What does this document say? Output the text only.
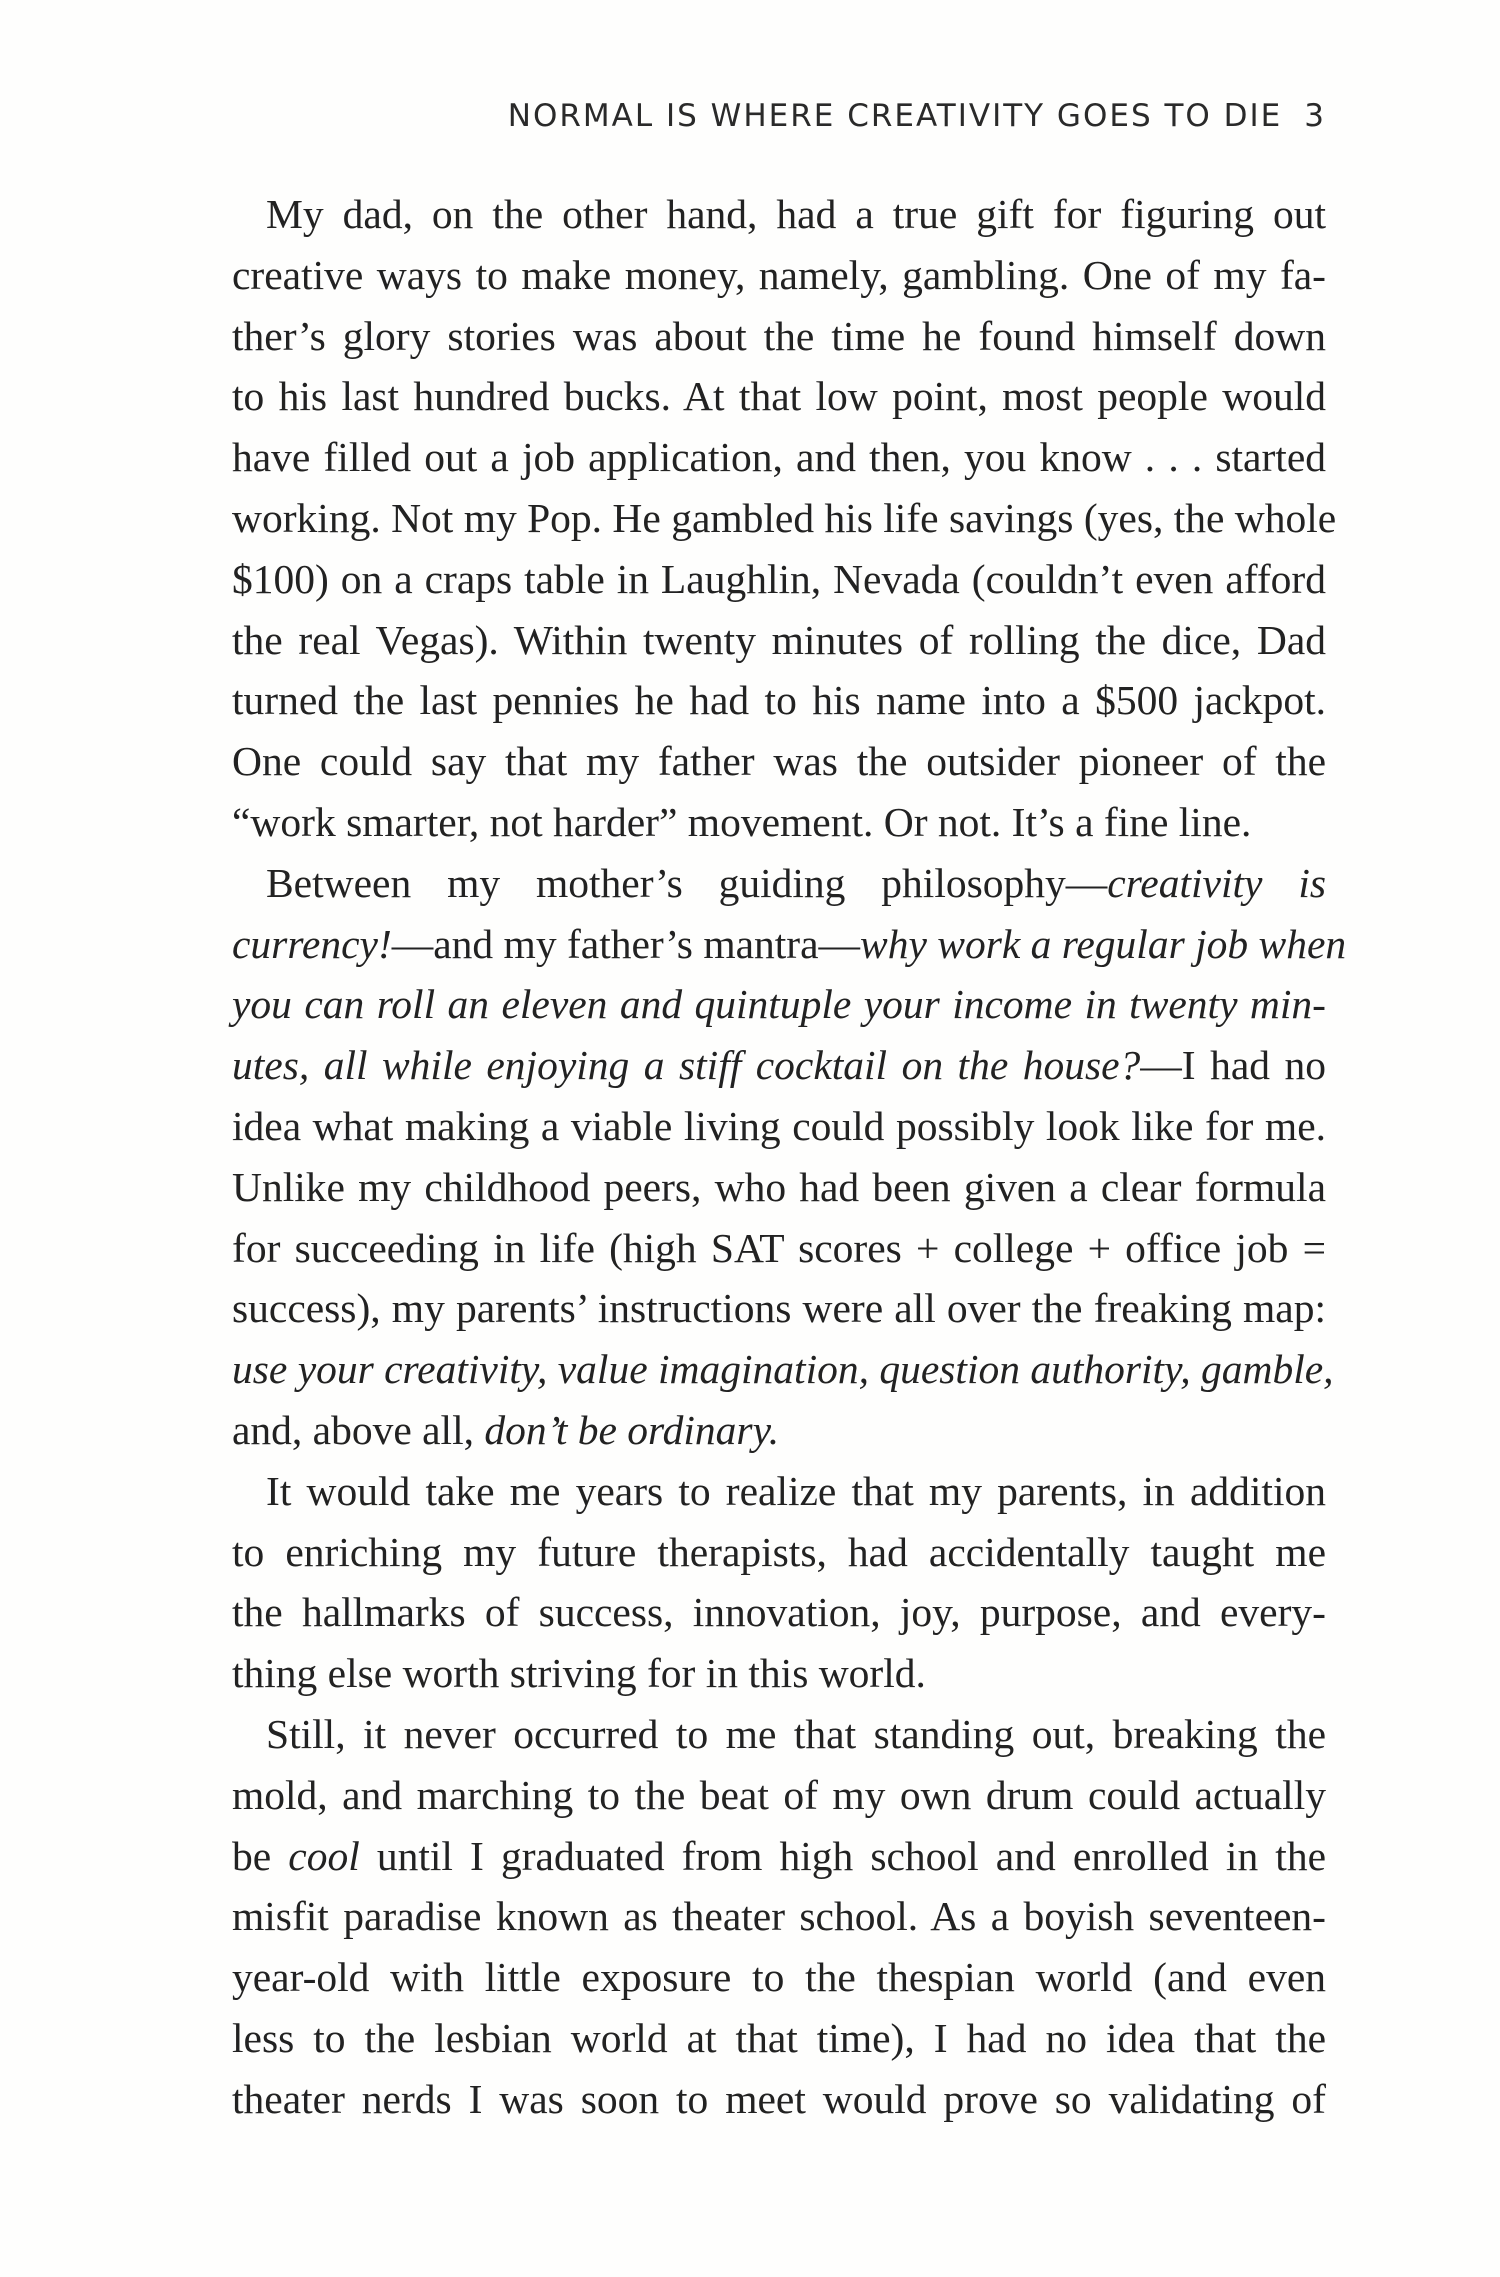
NORMAL IS WHERE CREATIVITY GOES TO DIE 3
My dad, on the other hand, had a true gift for figuring out
creative ways to make money, namely, gambling. One of my fa-
ther’s glory stories was about the time he found himself down
to his last hundred bucks. At that low point, most people would
have filled out a job application, and then, you know . . . started
working. Not my Pop. He gambled his life savings (yes, the whole
$100) on a craps table in Laughlin, Nevada (couldn’t even afford
the real Vegas). Within twenty minutes of rolling the dice, Dad
turned the last pennies he had to his name into a $500 jackpot.
One could say that my father was the outsider pioneer of the
“work smarter, not harder” movement. Or not. It’s a fine line.
Between my mother’s guiding philosophy—creativity is
currency!—and my father’s mantra—why work a regular job when
you can roll an eleven and quintuple your income in twenty min-
utes, all while enjoying a stiff cocktail on the house?—I had no
idea what making a viable living could possibly look like for me.
Unlike my childhood peers, who had been given a clear formula
for succeeding in life (high SAT scores + college + office job =
success), my parents’ instructions were all over the freaking map:
use your creativity, value imagination, question authority, gamble,
and, above all, don’t be ordinary.
It would take me years to realize that my parents, in addition
to enriching my future therapists, had accidentally taught me
the hallmarks of success, innovation, joy, purpose, and every-
thing else worth striving for in this world.
Still, it never occurred to me that standing out, breaking the
mold, and marching to the beat of my own drum could actually
be cool until I graduated from high school and enrolled in the
misfit paradise known as theater school. As a boyish seventeen-
year-old with little exposure to the thespian world (and even
less to the lesbian world at that time), I had no idea that the
theater nerds I was soon to meet would prove so validating of
